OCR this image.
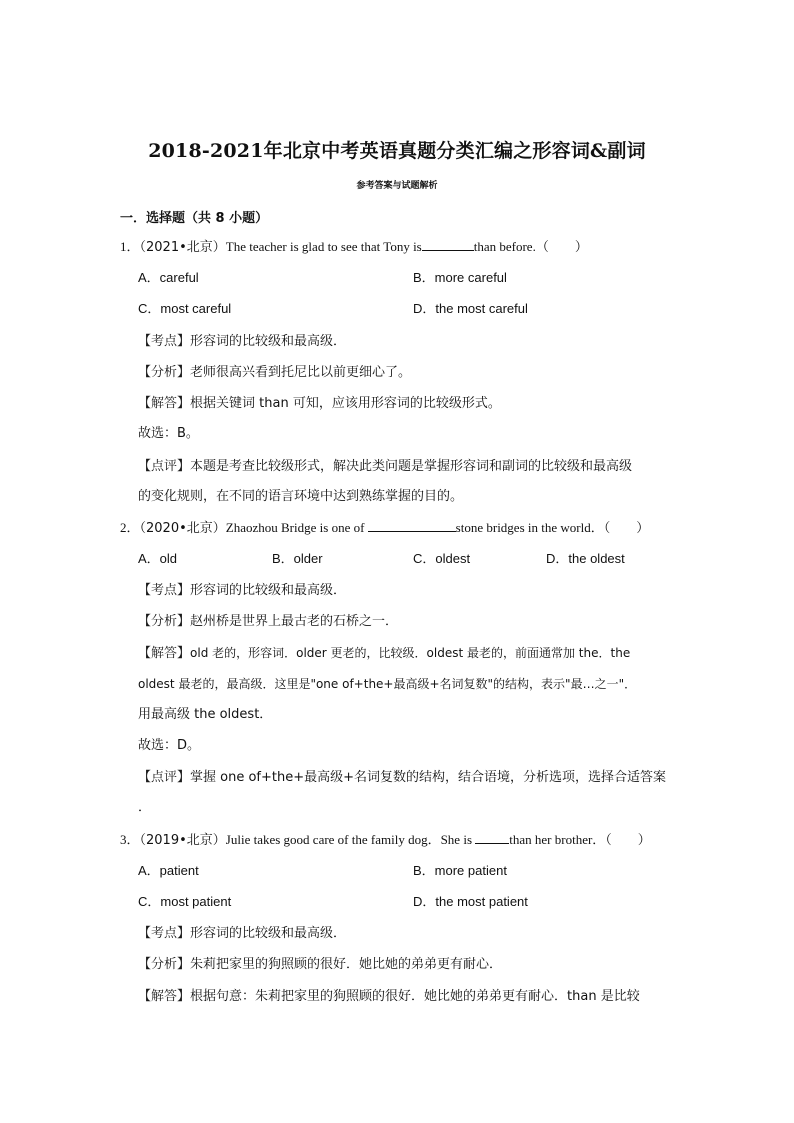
2018-2021年北京中考英语真题分类汇编之形容词&副词
参考答案与试题解析
一．选择题（共 8 小题）
1．（2021•北京）The teacher is glad to see that Tony is	than before.（　　）
A．careful	B．more careful
C．most careful	D．the most careful
【考点】形容词的比较级和最高级．
【分析】老师很高兴看到托尼比以前更细心了。
【解答】根据关键词 than 可知，应该用形容词的比较级形式。
故选：B。
【点评】本题是考查比较级形式，解决此类问题是掌握形容词和副词的比较级和最高级
的变化规则，在不同的语言环境中达到熟练掌握的目的。
2．（2020•北京）Zhaozhou Bridge is one of	stone bridges in the world．（　　）
A．old	B．older	C．oldest	D．the oldest
【考点】形容词的比较级和最高级．
【分析】赵州桥是世界上最古老的石桥之一．
【解答】old 老的，形容词．older 更老的，比较级．oldest 最老的，前面通常加 the．the
oldest 最老的，最高级．这里是"one of+the+最高级+名词复数"的结构，表示"最…之一"．
用最高级 the oldest．
故选：D。
【点评】掌握 one of+the+最高级+名词复数的结构，结合语境，分析选项，选择合适答案
．
3．（2019•北京）Julie takes good care of the family dog．She is	than her brother．（　　）
A．patient	B．more patient
C．most patient	D．the most patient
【考点】形容词的比较级和最高级．
【分析】朱莉把家里的狗照顾的很好．她比她的弟弟更有耐心．
【解答】根据句意：朱莉把家里的狗照顾的很好．她比她的弟弟更有耐心．than 是比较
